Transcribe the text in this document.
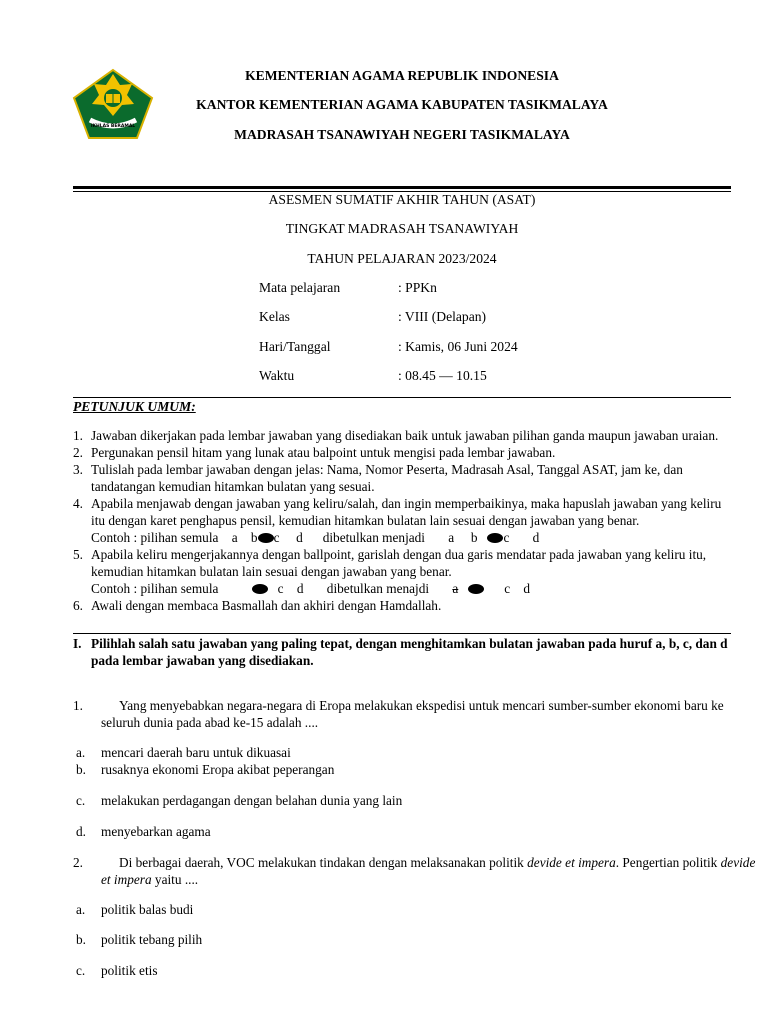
IKHLAS BERAMAL
KEMENTERIAN AGAMA REPUBLIK INDONESIA
KANTOR KEMENTERIAN AGAMA KABUPATEN TASIKMALAYA
MADRASAH TSANAWIYAH NEGERI TASIKMALAYA
ASESMEN SUMATIF AKHIR TAHUN (ASAT)
TINGKAT MADRASAH TSANAWIYAH
TAHUN PELAJARAN 2023/2024
Mata pelajaran	: PPKn
Kelas	: VIII (Delapan)
Hari/Tanggal	: Kamis, 06 Juni 2024
Waktu	: 08.45 — 10.15
PETUNJUK UMUM:
1. Jawaban dikerjakan pada lembar jawaban yang disediakan baik untuk jawaban pilihan ganda maupun jawaban uraian.
2. Pergunakan pensil hitam yang lunak atau balpoint untuk mengisi pada lembar jawaban.
3. Tulislah pada lembar jawaban dengan jelas: Nama, Nomor Peserta, Madrasah Asal, Tanggal ASAT, jam ke, dan tandatangan kemudian hitamkan bulatan yang sesuai.
4. Apabila menjawab dengan jawaban yang keliru/salah, dan ingin memperbaikinya, maka hapuslah jawaban yang keliru itu dengan karet penghapus pensil, kemudian hitamkan bulatan lain sesuai dengan jawaban yang benar.
Contoh : pilihan semula a b c d dibetulkan menjadi a b c d
5. Apabila keliru mengerjakannya dengan ballpoint, garislah dengan dua garis mendatar pada jawaban yang keliru itu, kemudian hitamkan bulatan lain sesuai dengan jawaban yang benar.
Contoh : pilihan semula	c d dibetulkan menajdi a	c d
6. Awali dengan membaca Basmallah dan akhiri dengan Hamdallah.
I. Pilihlah salah satu jawaban yang paling tepat, dengan menghitamkan bulatan jawaban pada huruf a, b, c, dan d pada lembar jawaban yang disediakan.
1.	Yang menyebabkan negara-negara di Eropa melakukan ekspedisi untuk mencari sumber-sumber ekonomi baru ke seluruh dunia pada abad ke-15 adalah ....
a. mencari daerah baru untuk dikuasai
b. rusaknya ekonomi Eropa akibat peperangan
c. melakukan perdagangan dengan belahan dunia yang lain
d. menyebarkan agama
2.	Di berbagai daerah, VOC melakukan tindakan dengan melaksanakan politik devide et impera. Pengertian politik devide et impera yaitu ....
a. politik balas budi
b. politik tebang pilih
c. politik etis
